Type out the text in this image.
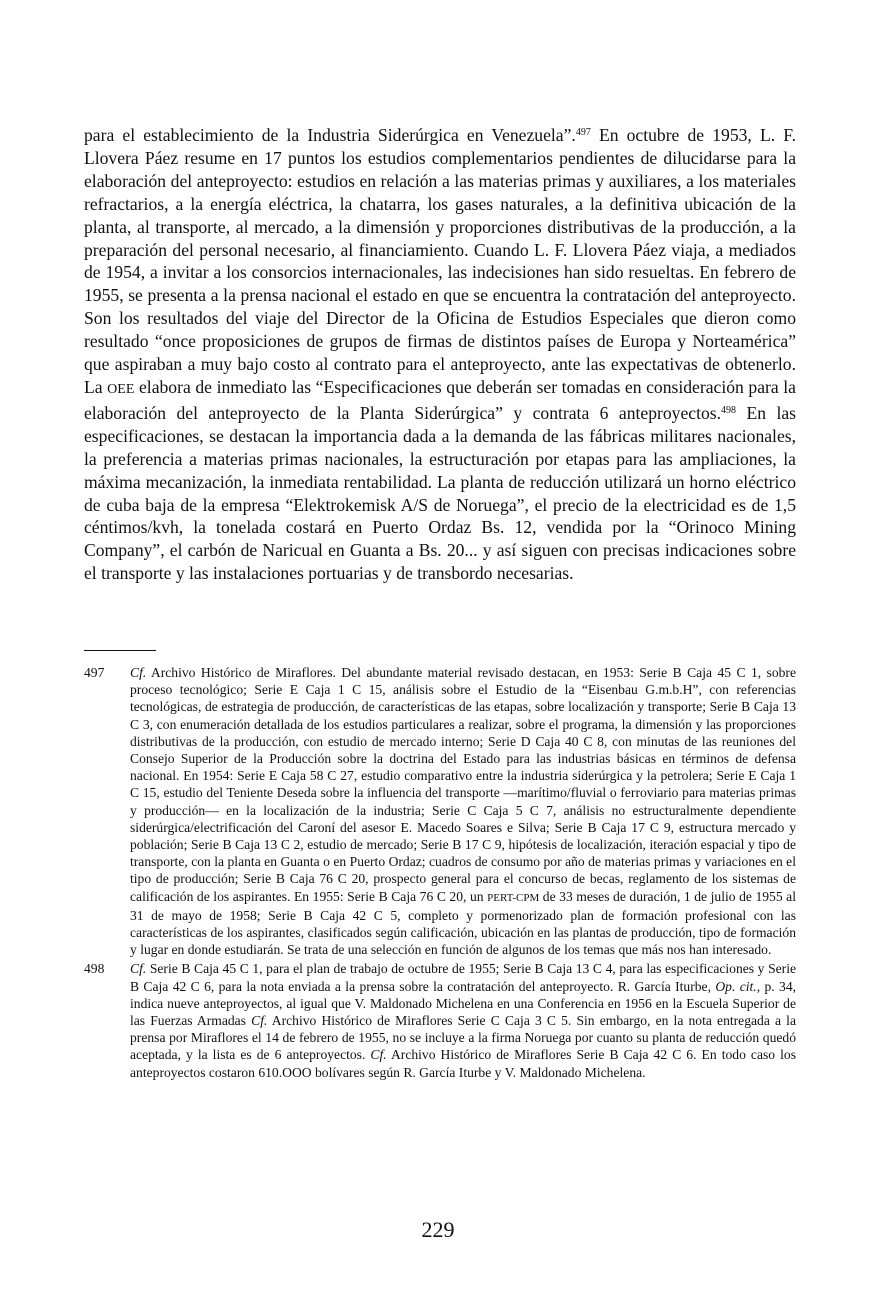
para el establecimiento de la Industria Siderúrgica en Venezuela”.$^{497}$ En octubre de 1953, L. F. Llovera Páez resume en 17 puntos los estudios complementarios pendientes de dilucidarse para la elaboración del anteproyecto: estudios en relación a las materias primas y auxiliares, a los materiales refractarios, a la energía eléctrica, la chatarra, los gases naturales, a la definitiva ubicación de la planta, al transporte, al mercado, a la dimensión y proporciones distributivas de la producción, a la preparación del personal necesario, al financiamiento. Cuando L. F. Llovera Páez viaja, a mediados de 1954, a invitar a los consorcios internacionales, las indecisiones han sido resueltas. En febrero de 1955, se presenta a la prensa nacional el estado en que se encuentra la contratación del anteproyecto. Son los resultados del viaje del Director de la Oficina de Estudios Especiales que dieron como resultado “once proposiciones de grupos de firmas de distintos países de Europa y Norteamérica” que aspiraban a muy bajo costo al contrato para el anteproyecto, ante las expectativas de obtenerlo. La OEE elabora de inmediato las “Especificaciones que deberán ser tomadas en consideración para la elaboración del anteproyecto de la Planta Siderúrgica” y contrata 6 anteproyectos.$^{498}$ En las especificaciones, se destacan la importancia dada a la demanda de las fábricas militares nacionales, la preferencia a materias primas nacionales, la estructuración por etapas para las ampliaciones, la máxima mecanización, la inmediata rentabilidad. La planta de reducción utilizará un horno eléctrico de cuba baja de la empresa “Elektrokemisk A/S de Noruega”, el precio de la electricidad es de 1,5 céntimos/kvh, la tonelada costará en Puerto Ordaz Bs. 12, vendida por la “Orinoco Mining Company”, el carbón de Naricual en Guanta a Bs. 20... y así siguen con precisas indicaciones sobre el transporte y las instalaciones portuarias y de transbordo necesarias.

497	Cf. Archivo Histórico de Miraflores. Del abundante material revisado destacan, en 1953: Serie B Caja 45 C 1, sobre proceso tecnológico; Serie E Caja 1 C 15, análisis sobre el Estudio de la “Eisenbau G.m.b.H”, con referencias tecnológicas, de estrategia de producción, de características de las etapas, sobre localización y transporte; Serie B Caja 13 C 3, con enumeración detallada de los estudios particulares a realizar, sobre el programa, la dimensión y las proporciones distributivas de la producción, con estudio de mercado interno; Serie D Caja 40 C 8, con minutas de las reuniones del Consejo Superior de la Producción sobre la doctrina del Estado para las industrias básicas en términos de defensa nacional. En 1954: Serie E Caja 58 C 27, estudio comparativo entre la industria siderúrgica y la petrolera; Serie E Caja 1 C 15, estudio del Teniente Deseda sobre la influencia del transporte —marítimo/fluvial o ferroviario para materias primas y producción— en la localización de la industria; Serie C Caja 5 C 7, análisis no estructuralmente dependiente siderúrgica/electrificación del Caroní del asesor E. Macedo Soares e Silva; Serie B Caja 17 C 9, estructura mercado y población; Serie B Caja 13 C 2, estudio de mercado; Serie B 17 C 9, hipótesis de localización, iteración espacial y tipo de transporte, con la planta en Guanta o en Puerto Ordaz; cuadros de consumo por año de materias primas y variaciones en el tipo de producción; Serie B Caja 76 C 20, prospecto general para el concurso de becas, reglamento de los sistemas de calificación de los aspirantes. En 1955: Serie B Caja 76 C 20, un PERT-CPM de 33 meses de duración, 1 de julio de 1955 al 31 de mayo de 1958; Serie B Caja 42 C 5, completo y pormenorizado plan de formación profesional con las características de los aspirantes, clasificados según calificación, ubicación en las plantas de producción, tipo de formación y lugar en donde estudiarán. Se trata de una selección en función de algunos de los temas que más nos han interesado.
498	Cf. Serie B Caja 45 C 1, para el plan de trabajo de octubre de 1955; Serie B Caja 13 C 4, para las especificaciones y Serie B Caja 42 C 6, para la nota enviada a la prensa sobre la contratación del anteproyecto. R. García Iturbe, Op. cit., p. 34, indica nueve anteproyectos, al igual que V. Maldonado Michelena en una Conferencia en 1956 en la Escuela Superior de las Fuerzas Armadas Cf. Archivo Histórico de Miraflores Serie C Caja 3 C 5. Sin embargo, en la nota entregada a la prensa por Miraflores el 14 de febrero de 1955, no se incluye a la firma Noruega por cuanto su planta de reducción quedó aceptada, y la lista es de 6 anteproyectos. Cf. Archivo Histórico de Miraflores Serie B Caja 42 C 6. En todo caso los anteproyectos costaron 610.OOO bolívares según R. García Iturbe y V. Maldonado Michelena.
229
